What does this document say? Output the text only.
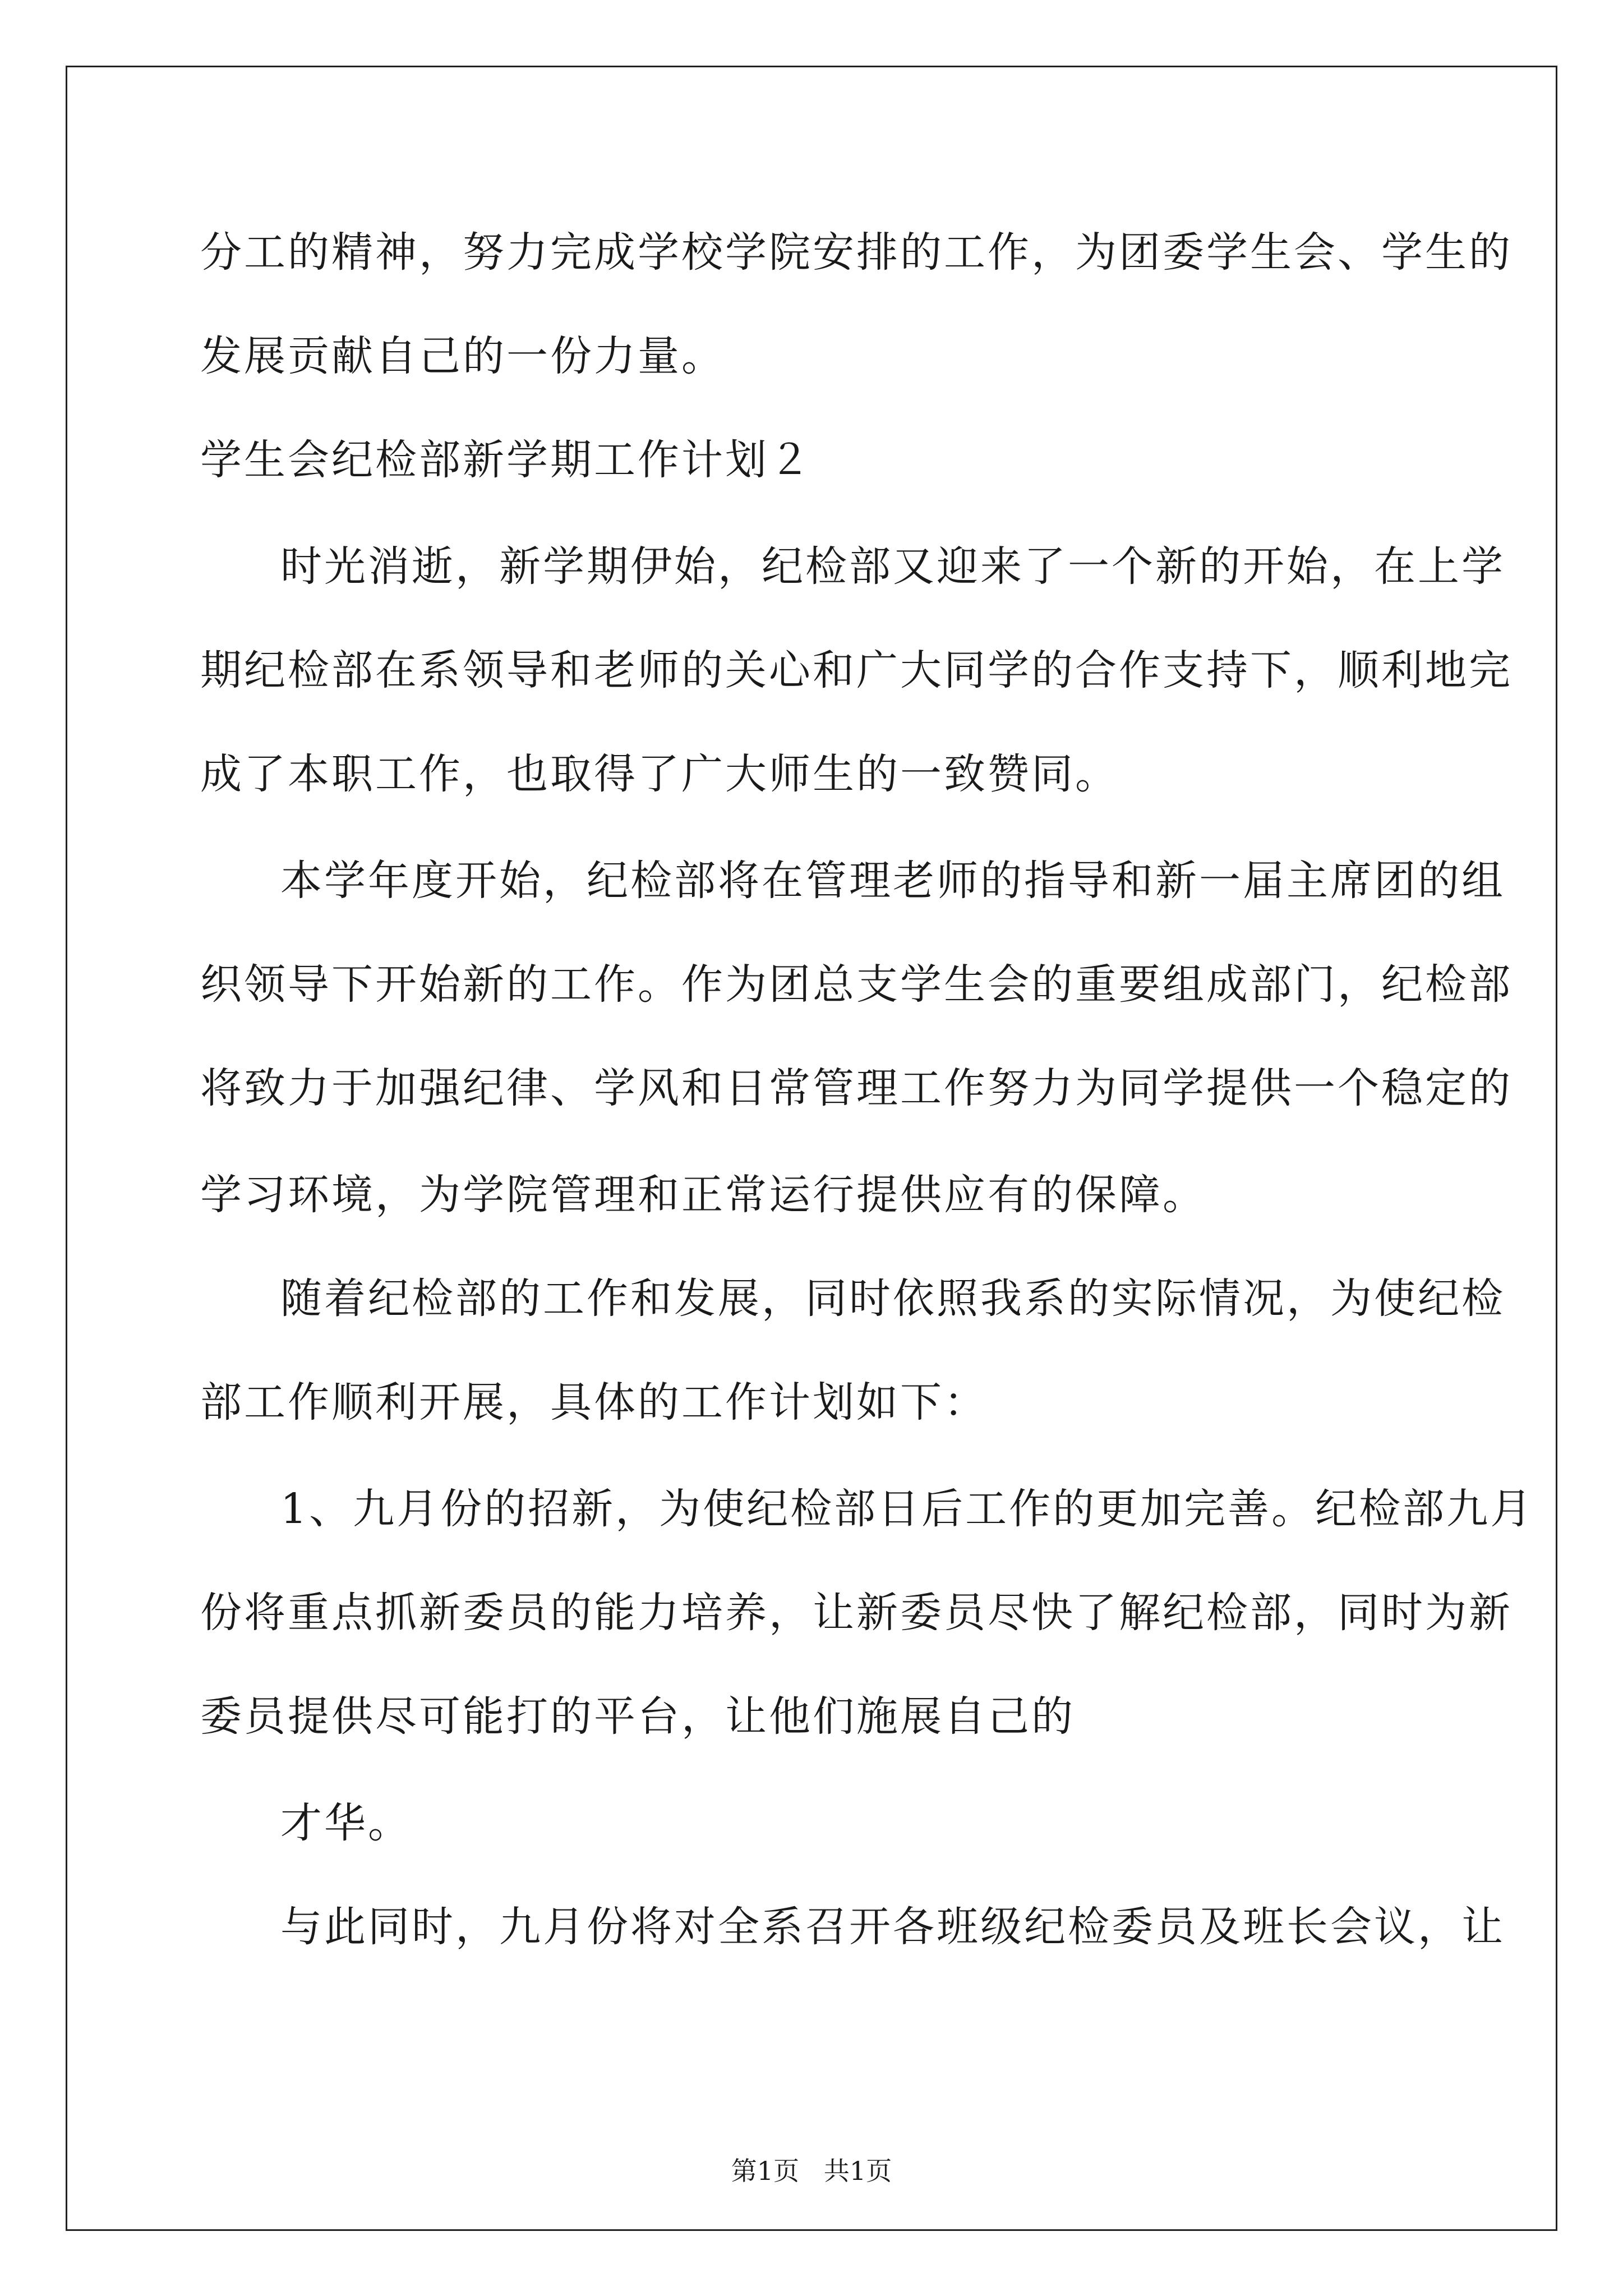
分工的精神，努力完成学校学院安排的工作，为团委学生会、学生的
发展贡献自己的一份力量。
学生会纪检部新学期工作计划２
时光消逝，新学期伊始，纪检部又迎来了一个新的开始，在上学
期纪检部在系领导和老师的关心和广大同学的合作支持下，顺利地完
成了本职工作，也取得了广大师生的一致赞同。
本学年度开始，纪检部将在管理老师的指导和新一届主席团的组
织领导下开始新的工作。作为团总支学生会的重要组成部门，纪检部
将致力于加强纪律、学风和日常管理工作努力为同学提供一个稳定的
学习环境，为学院管理和正常运行提供应有的保障。
随着纪检部的工作和发展，同时依照我系的实际情况，为使纪检
部工作顺利开展，具体的工作计划如下：
1、九月份的招新，为使纪检部日后工作的更加完善。纪检部九月
份将重点抓新委员的能力培养，让新委员尽快了解纪检部，同时为新
委员提供尽可能打的平台，让他们施展自己的
才华。
与此同时，九月份将对全系召开各班级纪检委员及班长会议，让
第1页   共1页
